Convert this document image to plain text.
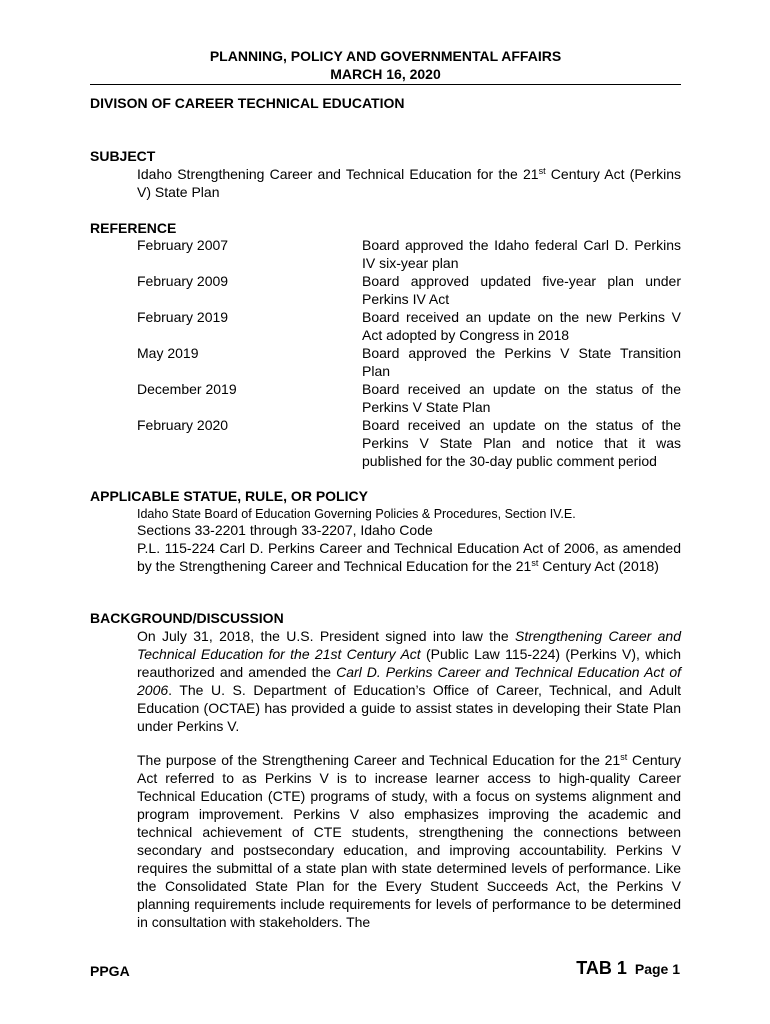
PLANNING, POLICY AND GOVERNMENTAL AFFAIRS
MARCH 16, 2020
DIVISON OF CAREER TECHNICAL EDUCATION
SUBJECT

Idaho Strengthening Career and Technical Education for the 21st Century Act (Perkins V) State Plan

REFERENCE
February 2007	Board approved the Idaho federal Carl D. Perkins IV six-year plan
February 2009	Board approved updated five-year plan under Perkins IV Act
February 2019	Board received an update on the new Perkins V Act adopted by Congress in 2018
May 2019	Board approved the Perkins V State Transition Plan
December 2019	Board received an update on the status of the Perkins V State Plan
February 2020	Board received an update on the status of the Perkins V State Plan and notice that it was published for the 30-day public comment period
APPLICABLE STATUE, RULE, OR POLICY
Idaho State Board of Education Governing Policies & Procedures, Section IV.E.
Sections 33-2201 through 33-2207, Idaho Code

P.L. 115-224 Carl D. Perkins Career and Technical Education Act of 2006, as amended by the Strengthening Career and Technical Education for the 21st Century Act (2018)

BACKGROUND/DISCUSSION

On July 31, 2018, the U.S. President signed into law the Strengthening Career and Technical Education for the 21st Century Act (Public Law 115-224) (Perkins V), which reauthorized and amended the Carl D. Perkins Career and Technical Education Act of 2006. The U. S. Department of Education’s Office of Career, Technical, and Adult Education (OCTAE) has provided a guide to assist states in developing their State Plan under Perkins V.

The purpose of the Strengthening Career and Technical Education for the 21st Century Act referred to as Perkins V is to increase learner access to high-quality Career Technical Education (CTE) programs of study, with a focus on systems alignment and program improvement. Perkins V also emphasizes improving the academic and technical achievement of CTE students, strengthening the connections between secondary and postsecondary education, and improving accountability. Perkins V requires the submittal of a state plan with state determined levels of performance. Like the Consolidated State Plan for the Every Student Succeeds Act, the Perkins V planning requirements include requirements for levels of performance to be determined in consultation with stakeholders. The

PPGA	TAB 1 Page 1
